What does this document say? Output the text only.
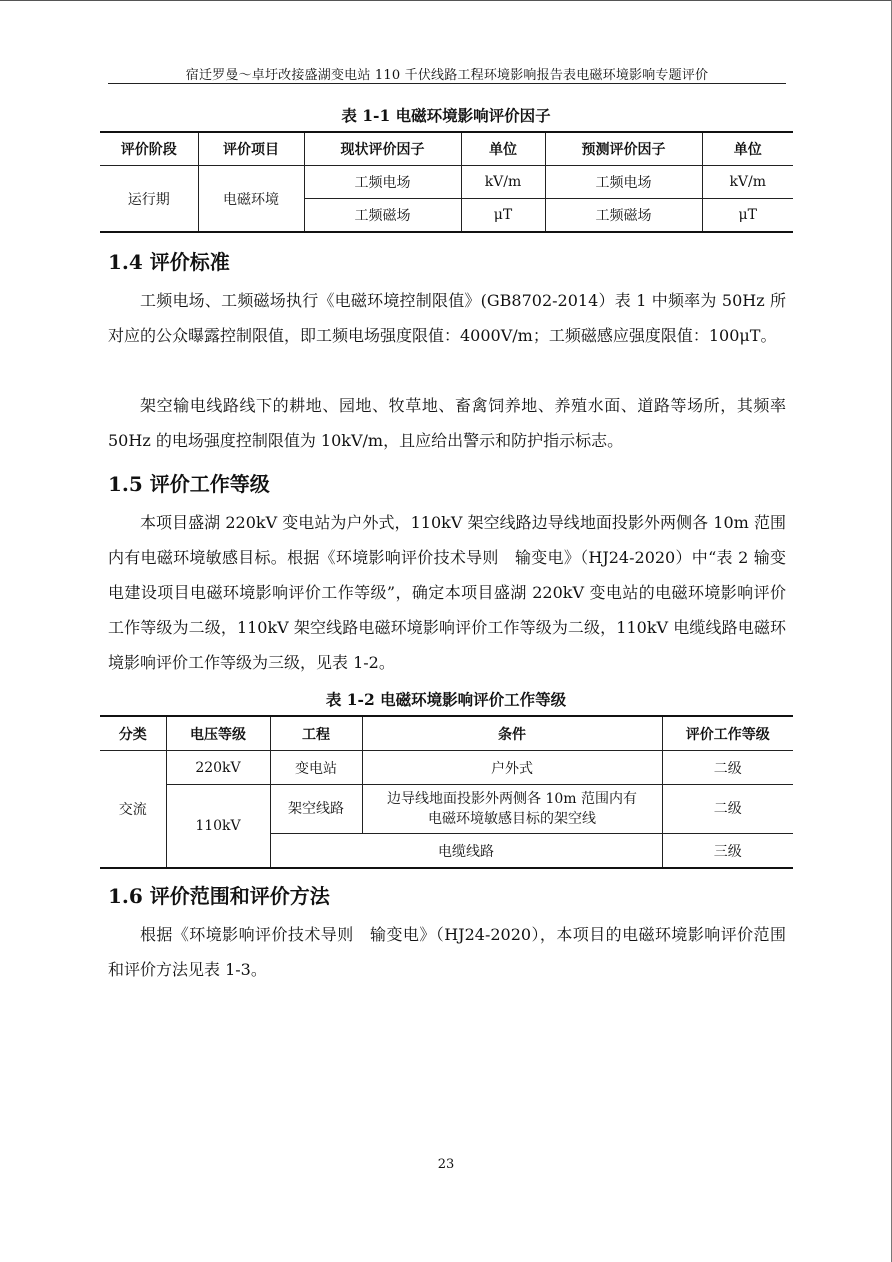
宿迁罗曼～卓圩改接盛湖变电站 110 千伏线路工程环境影响报告表电磁环境影响专题评价
表 1-1 电磁环境影响评价因子
评价阶段	评价项目	现状评价因子	单位	预测评价因子	单位
运行期	电磁环境	工频电场	kV/m	工频电场	kV/m
		工频磁场	μT	工频磁场	μT
1.4 评价标准

工频电场、工频磁场执行《电磁环境控制限值》(GB8702-2014）表 1 中频率为 50Hz 所对应的公众曝露控制限值，即工频电场强度限值：4000V/m；工频磁感应强度限值：100μT。

架空输电线路线下的耕地、园地、牧草地、畜禽饲养地、养殖水面、道路等场所，其频率 50Hz 的电场强度控制限值为 10kV/m，且应给出警示和防护指示标志。

1.5 评价工作等级

本项目盛湖 220kV 变电站为户外式，110kV 架空线路边导线地面投影外两侧各 10m 范围内有电磁环境敏感目标。根据《环境影响评价技术导则　输变电》（HJ24-2020）中“表 2 输变电建设项目电磁环境影响评价工作等级”，确定本项目盛湖 220kV 变电站的电磁环境影响评价工作等级为二级，110kV 架空线路电磁环境影响评价工作等级为二级，110kV 电缆线路电磁环境影响评价工作等级为三级，见表 1-2。

表 1-2 电磁环境影响评价工作等级
分类	电压等级	工程	条件	评价工作等级
交流	220kV	变电站	户外式	二级
	110kV	架空线路	边导线地面投影外两侧各 10m 范围内有
电磁环境敏感目标的架空线	二级
		电缆线路		三级
1.6 评价范围和评价方法

根据《环境影响评价技术导则　输变电》（HJ24-2020），本项目的电磁环境影响评价范围和评价方法见表 1-3。

23
